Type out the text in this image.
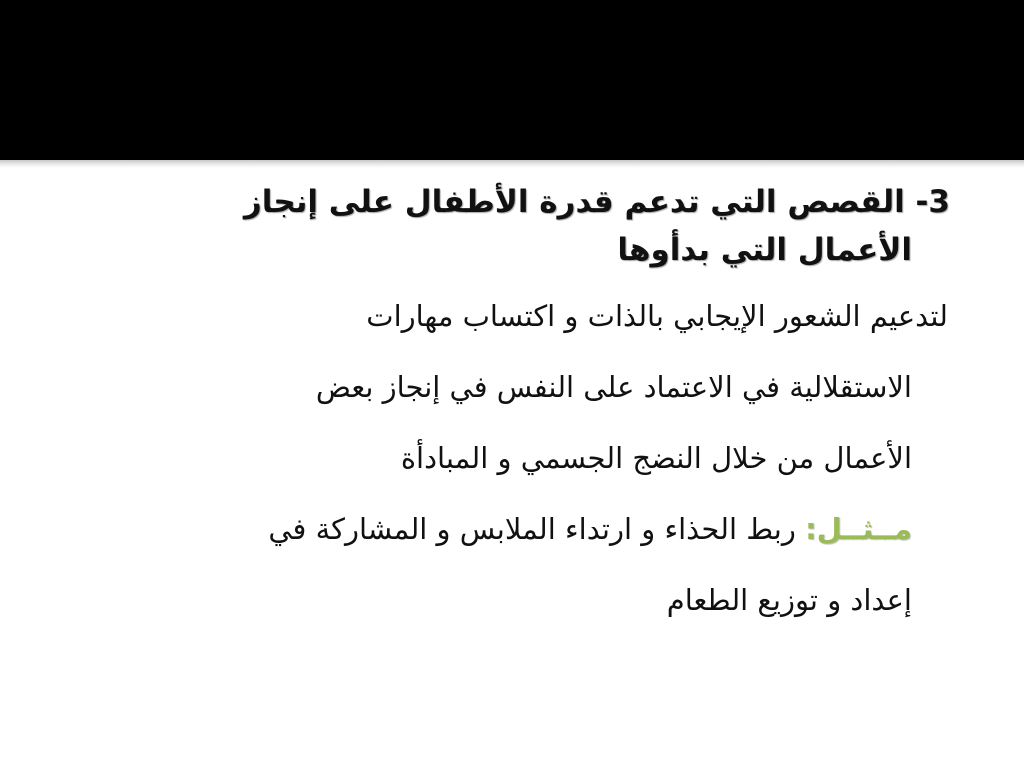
3- القصص التي تدعم قدرة الأطفال على إنجاز
الأعمال التي بدأوها
لتدعيم الشعور الإيجابي بالذات و اكتساب مهارات
الاستقلالية في الاعتماد على النفس في إنجاز بعض
الأعمال من خلال النضج الجسمي و المبادأة
مــثــل: ربط الحذاء و ارتداء الملابس و المشاركة في
إعداد و توزيع الطعام
